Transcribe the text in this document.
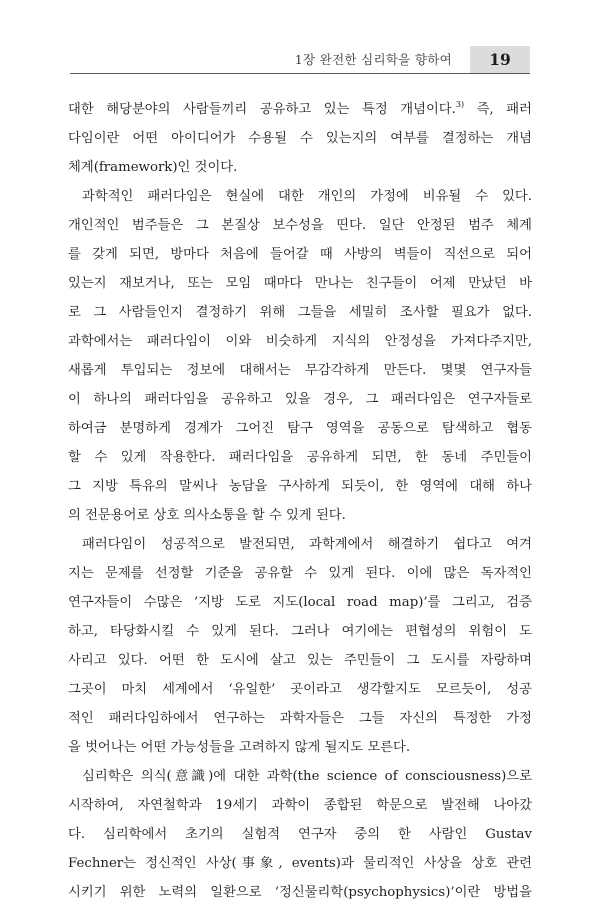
1장 완전한 심리학을 향하여	19
대한 해당분야의 사람들끼리 공유하고 있는 특정 개념이다.$^{3)}$ 즉, 패러
다임이란 어떤 아이디어가 수용될 수 있는지의 여부를 결정하는 개념
체계(framework)인 것이다.
과학적인 패러다임은 현실에 대한 개인의 가정에 비유될 수 있다.
개인적인 범주들은 그 본질상 보수성을 띤다. 일단 안정된 범주 체계
를 갖게 되면, 방마다 처음에 들어갈 때 사방의 벽들이 직선으로 되어
있는지 재보거나, 또는 모임 때마다 만나는 친구들이 어제 만났던 바
로 그 사람들인지 결정하기 위해 그들을 세밀히 조사할 필요가 없다.
과학에서는 패러다임이 이와 비슷하게 지식의 안정성을 가져다주지만,
새롭게 투입되는 정보에 대해서는 무감각하게 만든다. 몇몇 연구자들
이 하나의 패러다임을 공유하고 있을 경우, 그 패러다임은 연구자들로
하여금 분명하게 경계가 그어진 탐구 영역을 공동으로 탐색하고 협동
할 수 있게 작용한다. 패러다임을 공유하게 되면, 한 동네 주민들이
그 지방 특유의 말씨나 농담을 구사하게 되듯이, 한 영역에 대해 하나
의 전문용어로 상호 의사소통을 할 수 있게 된다.
패러다임이 성공적으로 발전되면, 과학계에서 해결하기 쉽다고 여겨
지는 문제를 선정할 기준을 공유할 수 있게 된다. 이에 많은 독자적인
연구자들이 수많은 ‘지방 도로 지도(local road map)’를 그리고, 검증
하고, 타당화시킬 수 있게 된다. 그러나 여기에는 편협성의 위험이 도
사리고 있다. 어떤 한 도시에 살고 있는 주민들이 그 도시를 자랑하며
그곳이 마치 세계에서 ‘유일한’ 곳이라고 생각할지도 모르듯이, 성공
적인 패러다임하에서 연구하는 과학자들은 그들 자신의 특정한 가정
을 벗어나는 어떤 가능성들을 고려하지 않게 될지도 모른다.
심리학은 의식(意識)에 대한 과학(the science of consciousness)으로
시작하여, 자연철학과 19세기 과학이 종합된 학문으로 발전해 나아갔
다. 심리학에서 초기의 실험적 연구자 중의 한 사람인 Gustav
Fechner는 정신적인 사상(事象, events)과 물리적인 사상을 상호 관련
시키기 위한 노력의 일환으로 ‘정신물리학(psychophysics)’이란 방법을
